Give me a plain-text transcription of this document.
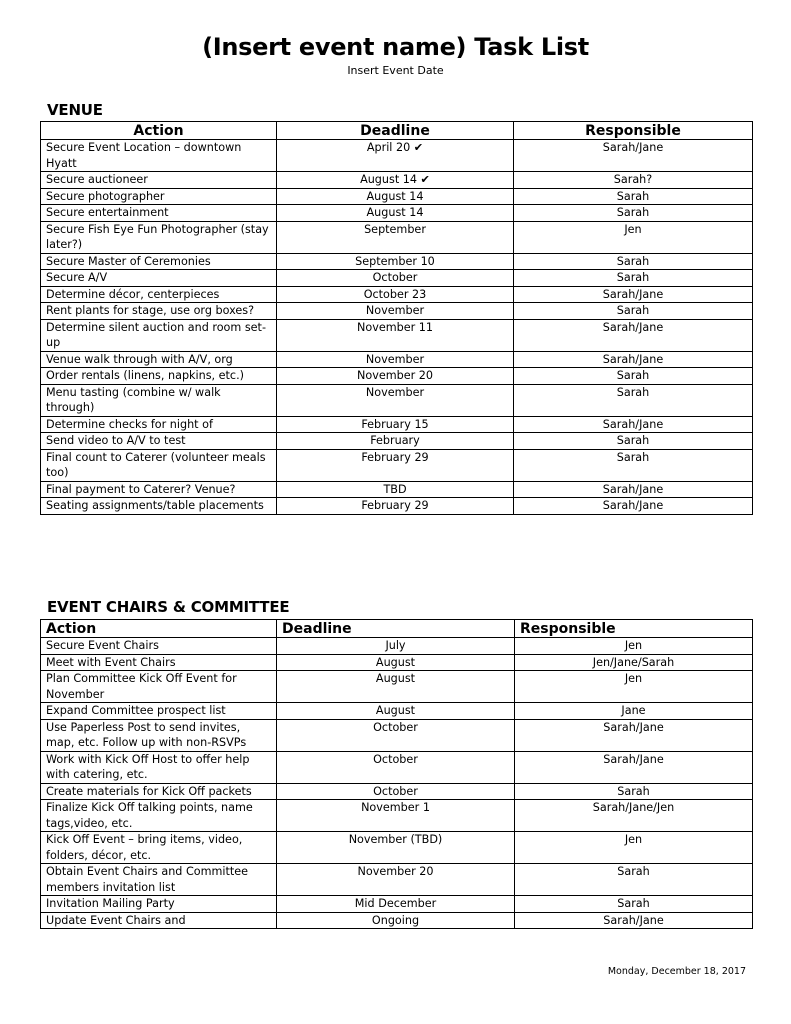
(Insert event name) Task List
Insert Event Date
VENUE
Action	Deadline	Responsible
Secure Event Location – downtown Hyatt	April 20 ✔	Sarah/Jane
Secure auctioneer	August 14 ✔	Sarah?
Secure photographer	August 14	Sarah
Secure entertainment	August 14	Sarah
Secure Fish Eye Fun Photographer (stay later?)	September	Jen
Secure Master of Ceremonies	September 10	Sarah
Secure A/V	October	Sarah
Determine décor, centerpieces	October 23	Sarah/Jane
Rent plants for stage, use org boxes?	November	Sarah
Determine silent auction and room set-up	November 11	Sarah/Jane
Venue walk through with A/V, org	November	Sarah/Jane
Order rentals (linens, napkins, etc.)	November 20	Sarah
Menu tasting (combine w/ walk through)	November	Sarah
Determine checks for night of	February 15	Sarah/Jane
Send video to A/V to test	February	Sarah
Final count to Caterer (volunteer meals too)	February 29	Sarah
Final payment to Caterer? Venue?	TBD	Sarah/Jane
Seating assignments/table placements	February 29	Sarah/Jane
EVENT CHAIRS & COMMITTEE
Action	Deadline	Responsible
Secure Event Chairs	July	Jen
Meet with Event Chairs	August	Jen/Jane/Sarah
Plan Committee Kick Off Event for November	August	Jen
Expand Committee prospect list	August	Jane
Use Paperless Post to send invites, map, etc. Follow up with non-RSVPs	October	Sarah/Jane
Work with Kick Off Host to offer help with catering, etc.	October	Sarah/Jane
Create materials for Kick Off packets	October	Sarah
Finalize Kick Off talking points, name tags,video, etc.	November 1	Sarah/Jane/Jen
Kick Off Event – bring items, video, folders, décor, etc.	November (TBD)	Jen
Obtain Event Chairs and Committee members invitation list	November 20	Sarah
Invitation Mailing Party	Mid December	Sarah
Update Event Chairs and	Ongoing	Sarah/Jane
Monday, December 18, 2017
